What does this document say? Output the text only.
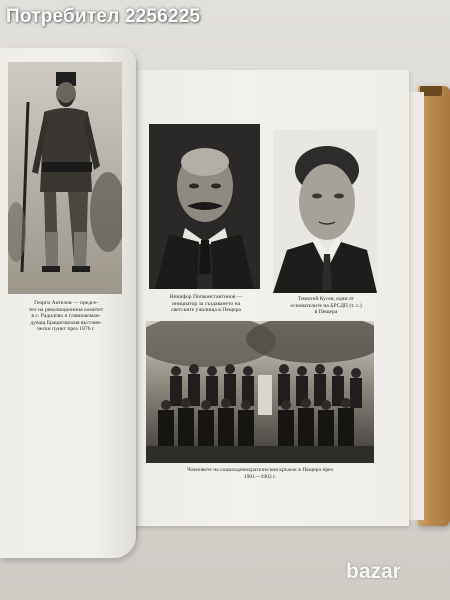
Георги Ангелов — предсе-
тел на революционния комитет
в с. Радилово и главнокоман-
дуващ Брациговския въстани-
чески пункт през 1876 г.
Никифор Попконстантинов —
инициатор за създаването на
светските училища в Пещера
Тимотей Кусев, един от
основателите на БРСДП (т. с.)
в Пещера
Членовете на социалдемократическия кръжок в Пещера през
1901—1902 г.
Потребител 2256225
bazar
